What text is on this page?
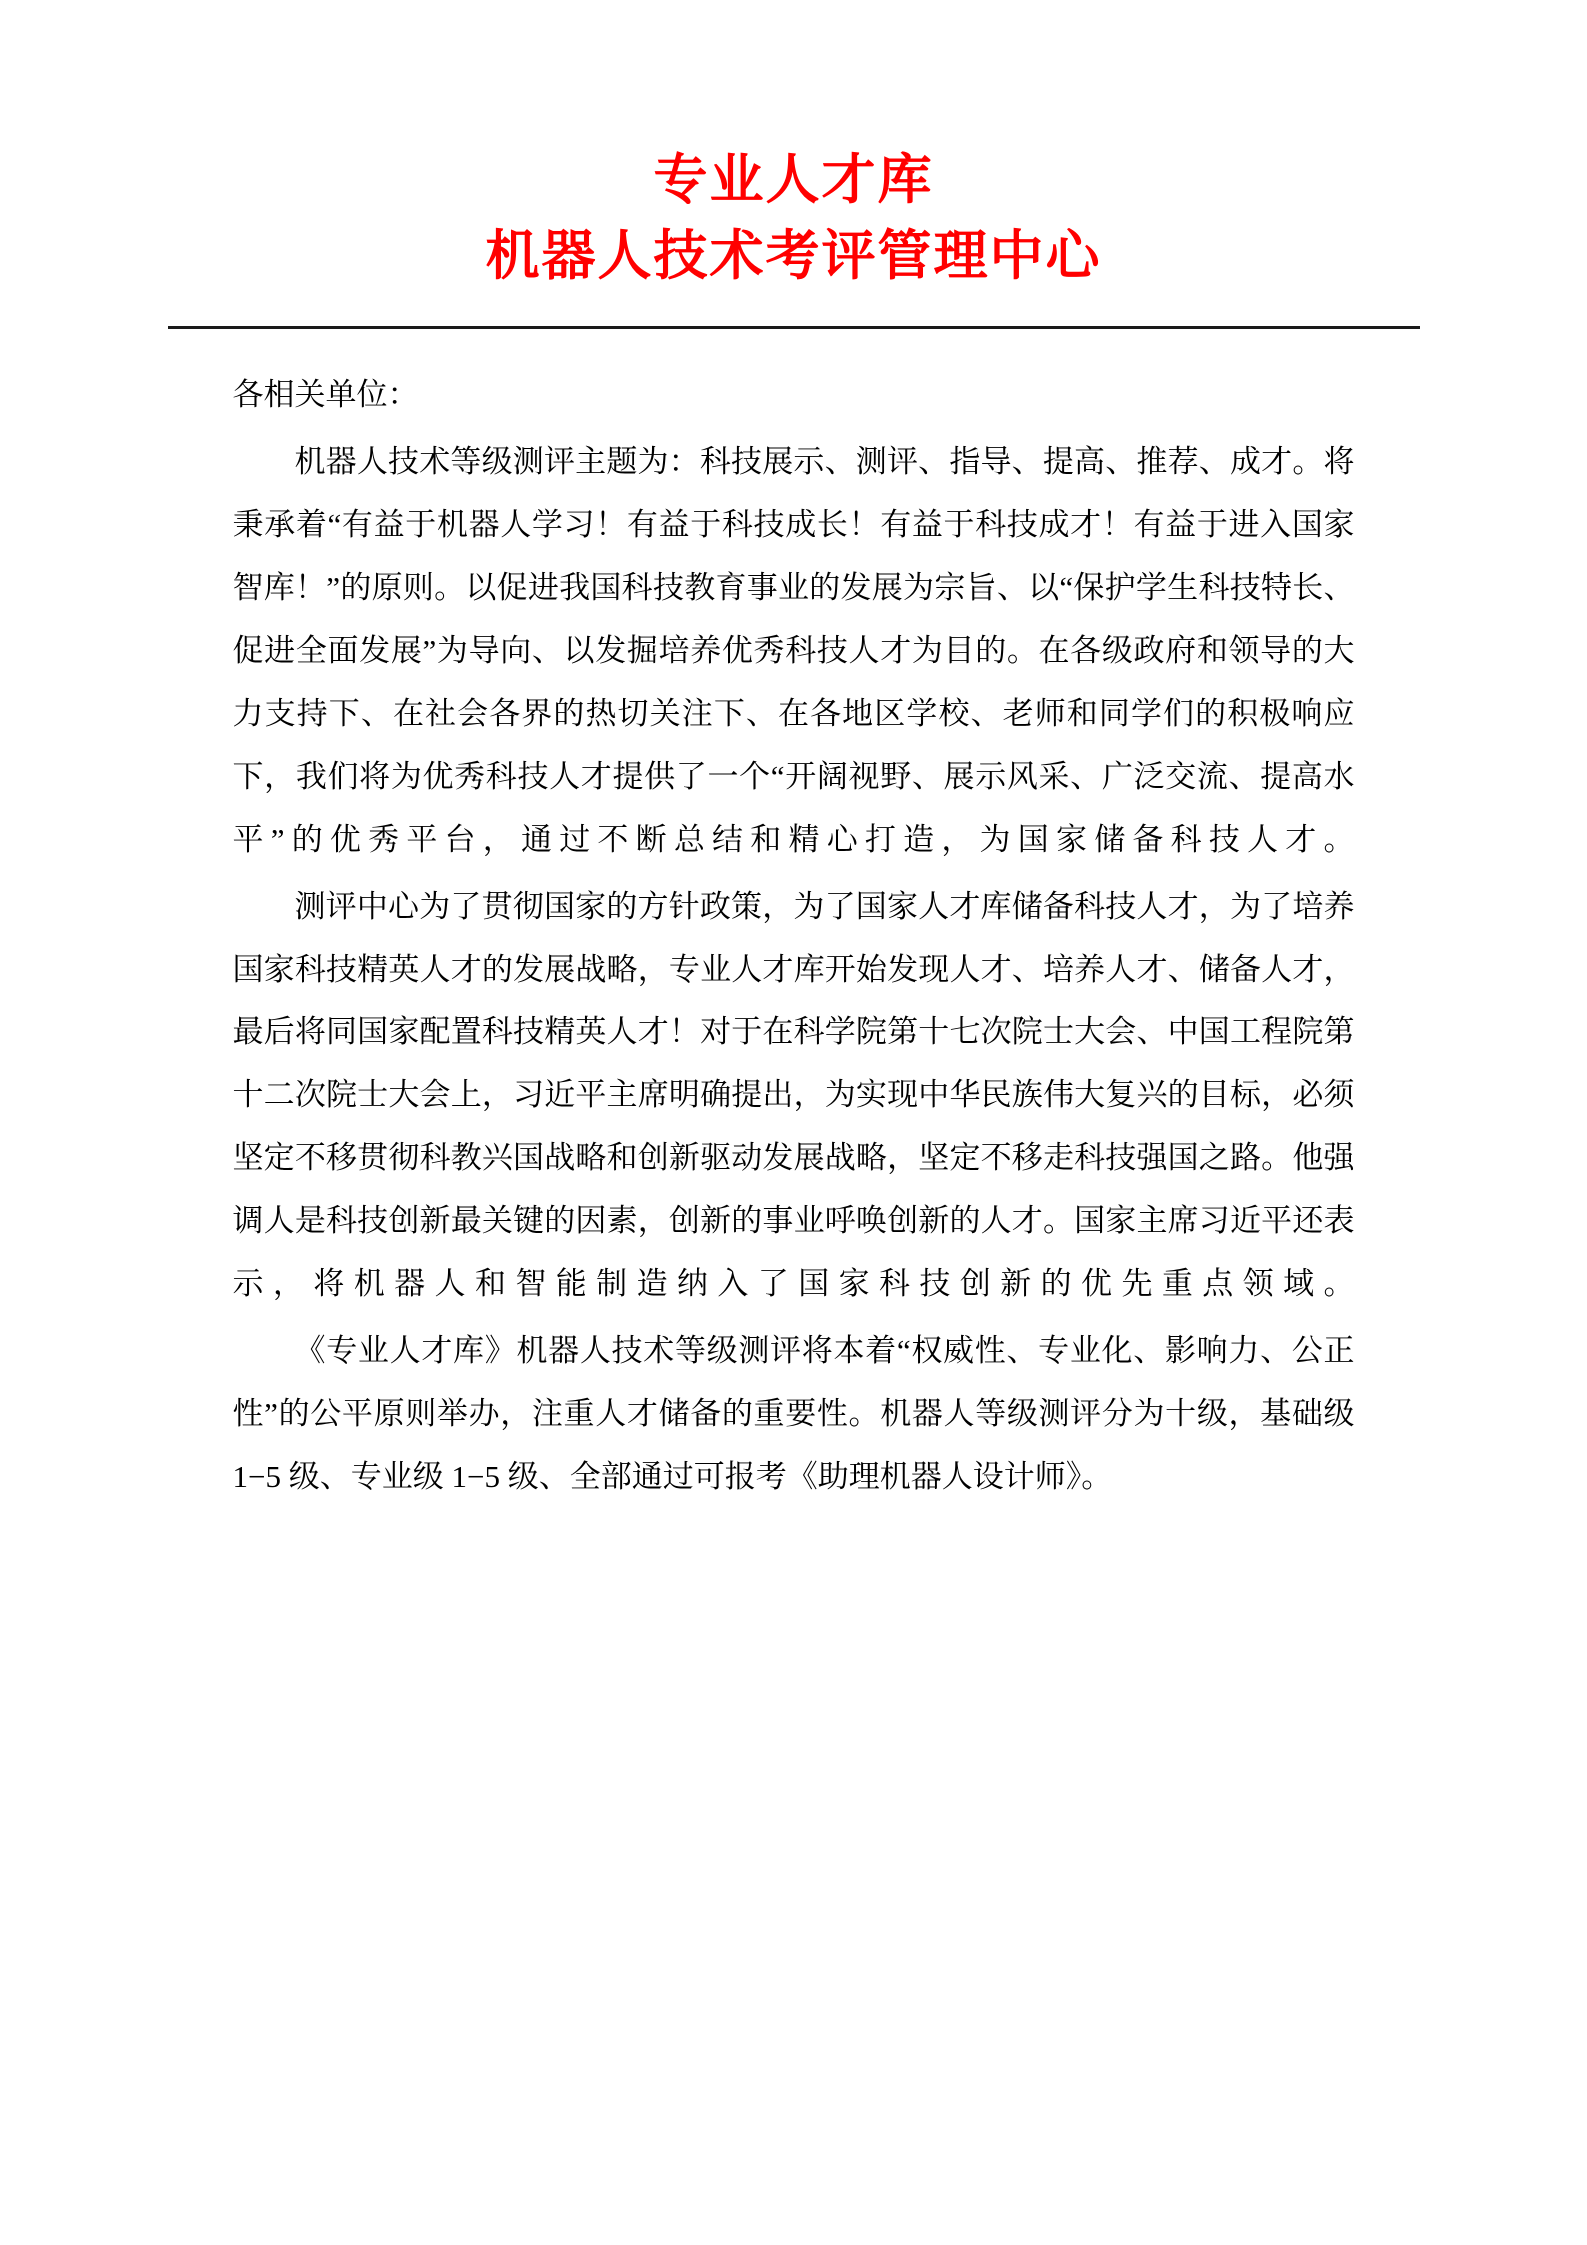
专业人才库
机器人技术考评管理中心

各相关单位：

机器人技术等级测评主题为：科技展示、测评、指导、提高、推荐、成才。将秉承着“有益于机器人学习！有益于科技成长！有益于科技成才！有益于进入国家智库！”的原则。以促进我国科技教育事业的发展为宗旨、以“保护学生科技特长、促进全面发展”为导向、以发掘培养优秀科技人才为目的。在各级政府和领导的大力支持下、在社会各界的热切关注下、在各地区学校、老师和同学们的积极响应下，我们将为优秀科技人才提供了一个“开阔视野、展示风采、广泛交流、提高水平”的优秀平台，通过不断总结和精心打造，为国家储备科技人才。

测评中心为了贯彻国家的方针政策，为了国家人才库储备科技人才，为了培养国家科技精英人才的发展战略，专业人才库开始发现人才、培养人才、储备人才，最后将同国家配置科技精英人才！对于在科学院第十七次院士大会、中国工程院第十二次院士大会上，习近平主席明确提出，为实现中华民族伟大复兴的目标，必须坚定不移贯彻科教兴国战略和创新驱动发展战略，坚定不移走科技强国之路。他强调人是科技创新最关键的因素，创新的事业呼唤创新的人才。国家主席习近平还表示，将机器人和智能制造纳入了国家科技创新的优先重点领域。

《专业人才库》机器人技术等级测评将本着“权威性、专业化、影响力、公正性”的公平原则举办，注重人才储备的重要性。机器人等级测评分为十级，基础级 1−5 级、专业级 1−5 级、全部通过可报考《助理机器人设计师》。
